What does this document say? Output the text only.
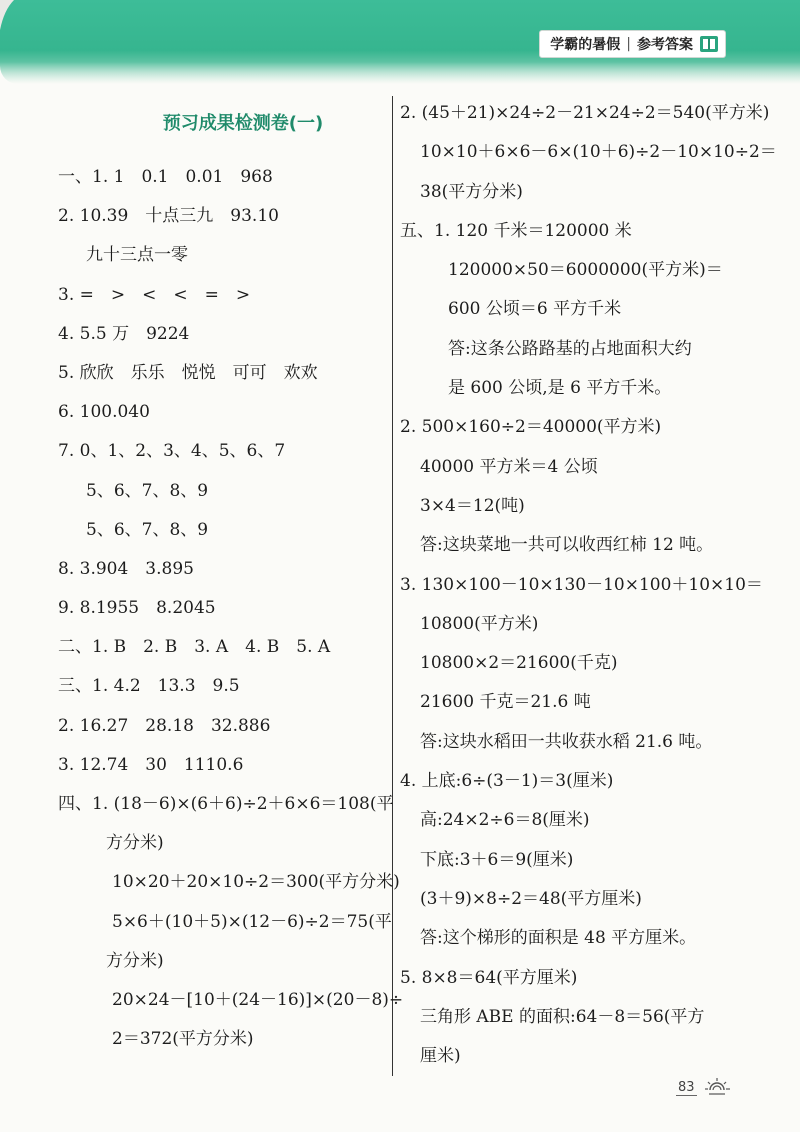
学霸的暑假 | 参考答案
预习成果检测卷(一)
一、1. 1　0.1　0.01　968
2. 10.39　十点三九　93.10
九十三点一零
3. =　>　<　<　=　>
4. 5.5 万　9224
5. 欣欣　乐乐　悦悦　可可　欢欢
6. 100.040
7. 0、1、2、3、4、5、6、7
5、6、7、8、9
5、6、7、8、9
8. 3.904　3.895
9. 8.1955　8.2045
二、1. B　2. B　3. A　4. B　5. A
三、1. 4.2　13.3　9.5
2. 16.27　28.18　32.886
3. 12.74　30　1110.6
四、1. (18－6)×(6＋6)÷2＋6×6＝108(平
方分米)
10×20＋20×10÷2＝300(平方分米)
5×6＋(10＋5)×(12－6)÷2＝75(平
方分米)
20×24－[10＋(24－16)]×(20－8)÷
2＝372(平方分米)
2. (45＋21)×24÷2－21×24÷2＝540(平方米)
10×10＋6×6－6×(10＋6)÷2－10×10÷2＝
38(平方分米)
五、1. 120 千米＝120000 米
120000×50＝6000000(平方米)＝
600 公顷＝6 平方千米
答:这条公路路基的占地面积大约
是 600 公顷,是 6 平方千米。
2. 500×160÷2＝40000(平方米)
40000 平方米＝4 公顷
3×4＝12(吨)
答:这块菜地一共可以收西红柿 12 吨。
3. 130×100－10×130－10×100＋10×10＝
10800(平方米)
10800×2＝21600(千克)
21600 千克＝21.6 吨
答:这块水稻田一共收获水稻 21.6 吨。
4. 上底:6÷(3－1)＝3(厘米)
高:24×2÷6＝8(厘米)
下底:3＋6＝9(厘米)
(3＋9)×8÷2＝48(平方厘米)
答:这个梯形的面积是 48 平方厘米。
5. 8×8＝64(平方厘米)
三角形 ABE 的面积:64－8＝56(平方
厘米)
83
